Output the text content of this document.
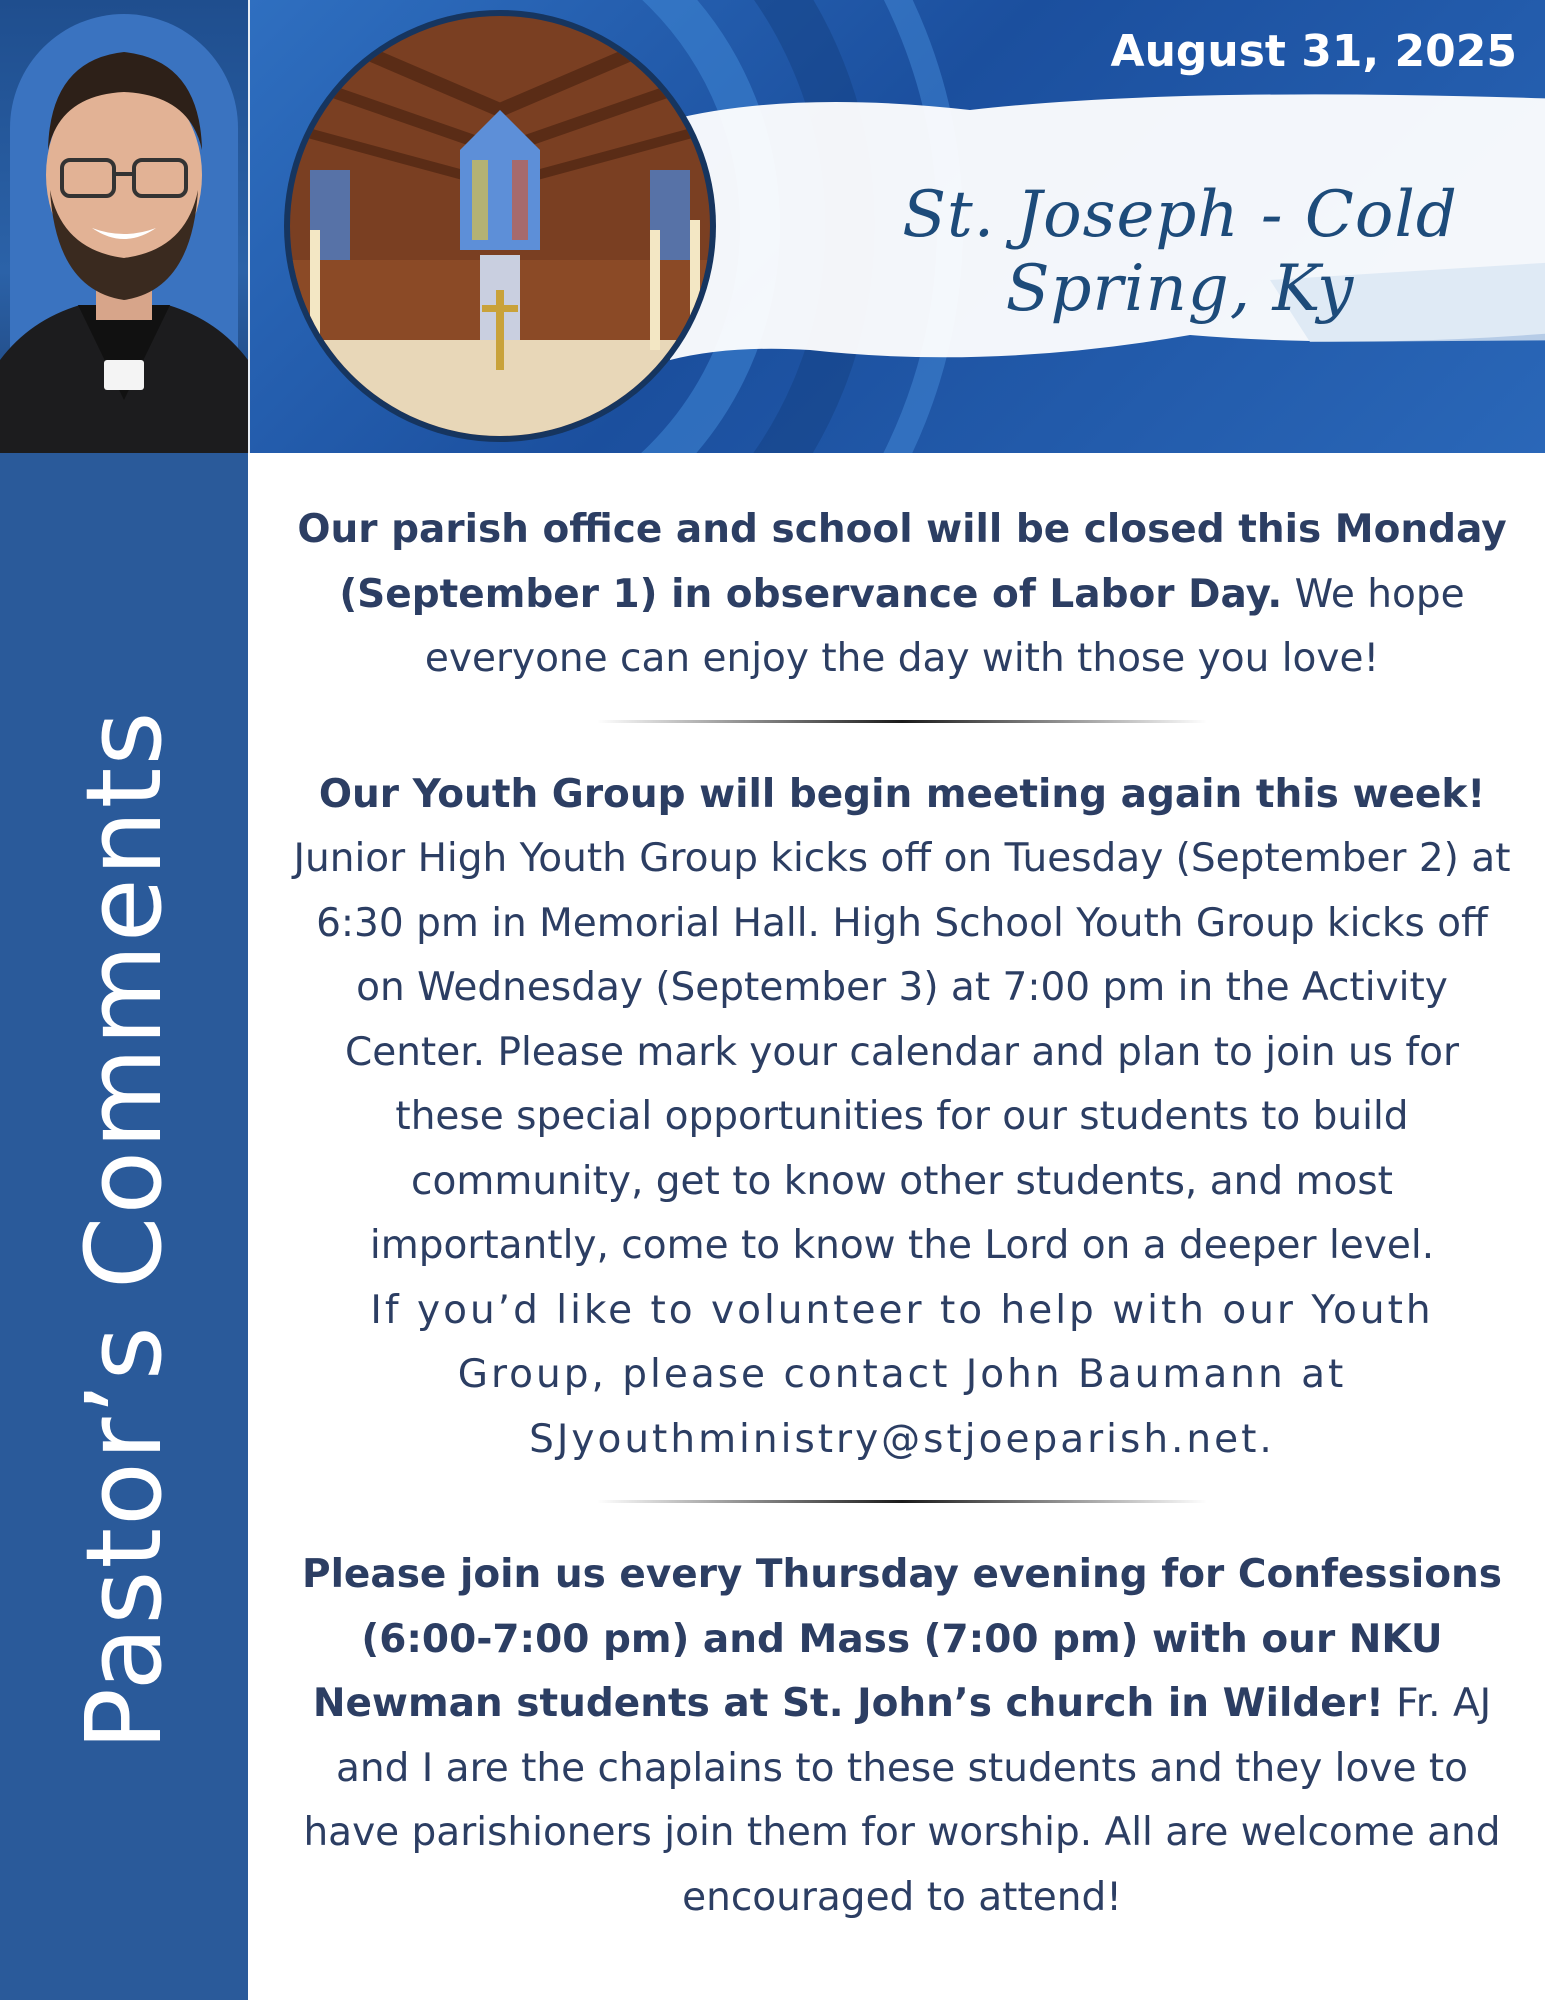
Pastor’s Comments
August 31, 2025
St. Joseph - Cold Spring, Ky

Our parish office and school will be closed this Monday (September 1) in observance of Labor Day. We hope everyone can enjoy the day with those you love!

Our Youth Group will begin meeting again this week!
Junior High Youth Group kicks off on Tuesday (September 2) at 6:30 pm in Memorial Hall. High School Youth Group kicks off on Wednesday (September 3) at 7:00 pm in the Activity Center. Please mark your calendar and plan to join us for these special opportunities for our students to build community, get to know other students, and most importantly, come to know the Lord on a deeper level.
If you’d like to volunteer to help with our Youth Group, please contact John Baumann at SJyouthministry@stjoeparish.net.

Please join us every Thursday evening for Confessions (6:00-7:00 pm) and Mass (7:00 pm) with our NKU Newman students at St. John’s church in Wilder! Fr. AJ and I are the chaplains to these students and they love to have parishioners join them for worship. All are welcome and encouraged to attend!
